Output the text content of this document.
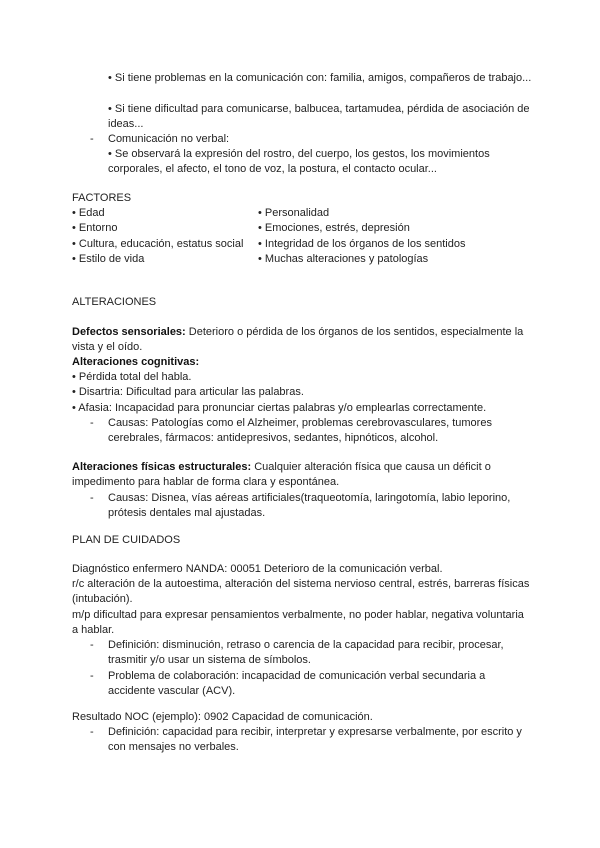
• Si tiene problemas en la comunicación con: familia, amigos, compañeros de trabajo...
• Si tiene dificultad para comunicarse, balbucea, tartamudea, pérdida de asociación de ideas...
- Comunicación no verbal:
• Se observará la expresión del rostro, del cuerpo, los gestos, los movimientos corporales, el afecto, el tono de voz, la postura, el contacto ocular...
FACTORES
• Edad
• Entorno
• Cultura, educación, estatus social
• Estilo de vida
• Personalidad
• Emociones, estrés, depresión
• Integridad de los órganos de los sentidos
• Muchas alteraciones y patologías
ALTERACIONES
Defectos sensoriales: Deterioro o pérdida de los órganos de los sentidos, especialmente la vista y el oído.
Alteraciones cognitivas:
• Pérdida total del habla.
• Disartria: Dificultad para articular las palabras.
• Afasia: Incapacidad para pronunciar ciertas palabras y/o emplearlas correctamente.
- Causas: Patologías como el Alzheimer, problemas cerebrovasculares, tumores cerebrales, fármacos: antidepresivos, sedantes, hipnóticos, alcohol.
Alteraciones físicas estructurales: Cualquier alteración física que causa un déficit o impedimento para hablar de forma clara y espontánea.
- Causas: Disnea, vías aéreas artificiales(traqueotomía, laringotomía, labio leporino, prótesis dentales mal ajustadas.
PLAN DE CUIDADOS
Diagnóstico enfermero NANDA: 00051 Deterioro de la comunicación verbal.
r/c alteración de la autoestima, alteración del sistema nervioso central, estrés, barreras físicas (intubación).
m/p dificultad para expresar pensamientos verbalmente, no poder hablar, negativa voluntaria a hablar.
- Definición: disminución, retraso o carencia de la capacidad para recibir, procesar, trasmitir y/o usar un sistema de símbolos.
- Problema de colaboración: incapacidad de comunicación verbal secundaria a accidente vascular (ACV).
Resultado NOC (ejemplo): 0902 Capacidad de comunicación.
- Definición: capacidad para recibir, interpretar y expresarse verbalmente, por escrito y con mensajes no verbales.
